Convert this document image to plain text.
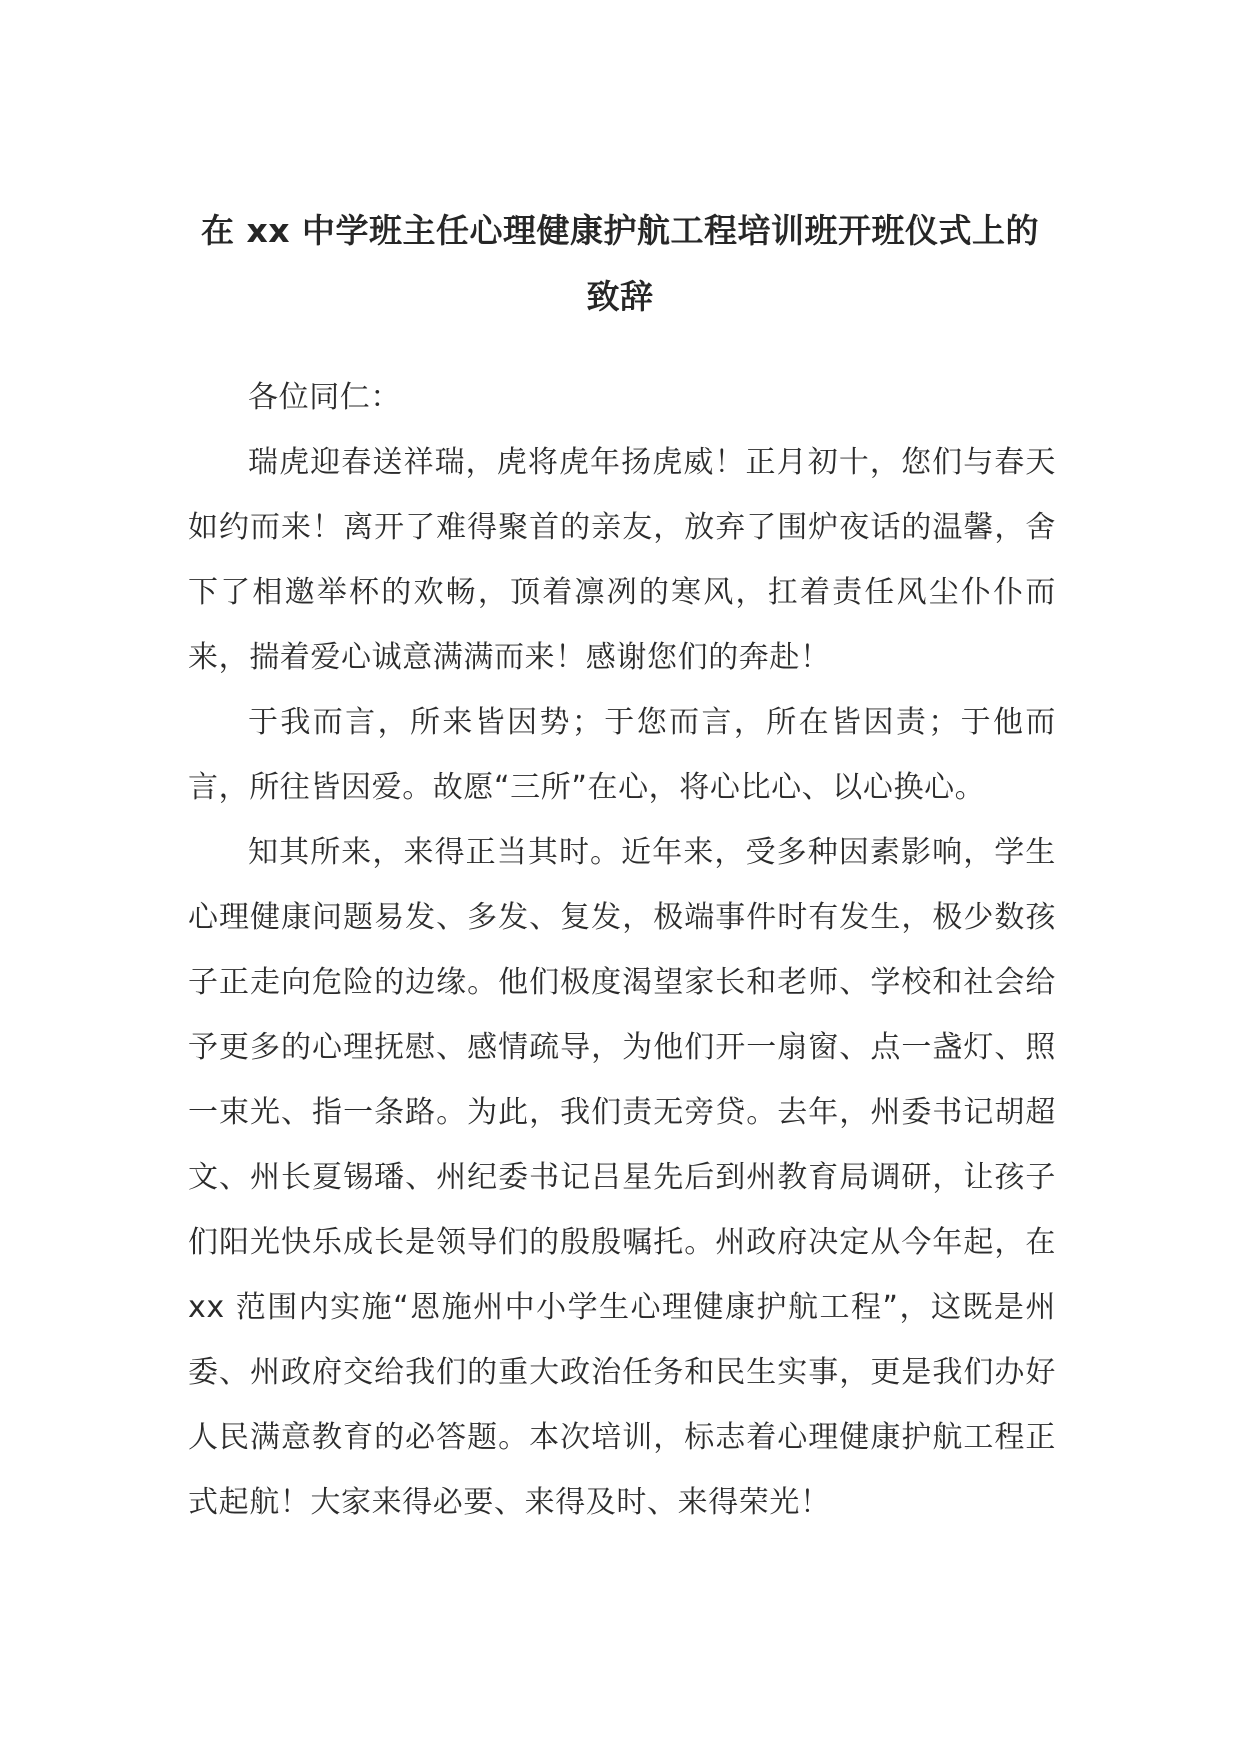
在 xx 中学班主任心理健康护航工程培训班开班仪式上的致辞

各位同仁：

瑞虎迎春送祥瑞，虎将虎年扬虎威！正月初十，您们与春天如约而来！离开了难得聚首的亲友，放弃了围炉夜话的温馨，舍下了相邀举杯的欢畅，顶着凛冽的寒风，扛着责任风尘仆仆而来，揣着爱心诚意满满而来！感谢您们的奔赴！

于我而言，所来皆因势；于您而言，所在皆因责；于他而言，所往皆因爱。故愿“三所”在心，将心比心、以心换心。

知其所来，来得正当其时。近年来，受多种因素影响，学生心理健康问题易发、多发、复发，极端事件时有发生，极少数孩子正走向危险的边缘。他们极度渴望家长和老师、学校和社会给予更多的心理抚慰、感情疏导，为他们开一扇窗、点一盏灯、照一束光、指一条路。为此，我们责无旁贷。去年，州委书记胡超文、州长夏锡璠、州纪委书记吕星先后到州教育局调研，让孩子们阳光快乐成长是领导们的殷殷嘱托。州政府决定从今年起，在 xx 范围内实施“恩施州中小学生心理健康护航工程”，这既是州委、州政府交给我们的重大政治任务和民生实事，更是我们办好人民满意教育的必答题。本次培训，标志着心理健康护航工程正式起航！大家来得必要、来得及时、来得荣光！
